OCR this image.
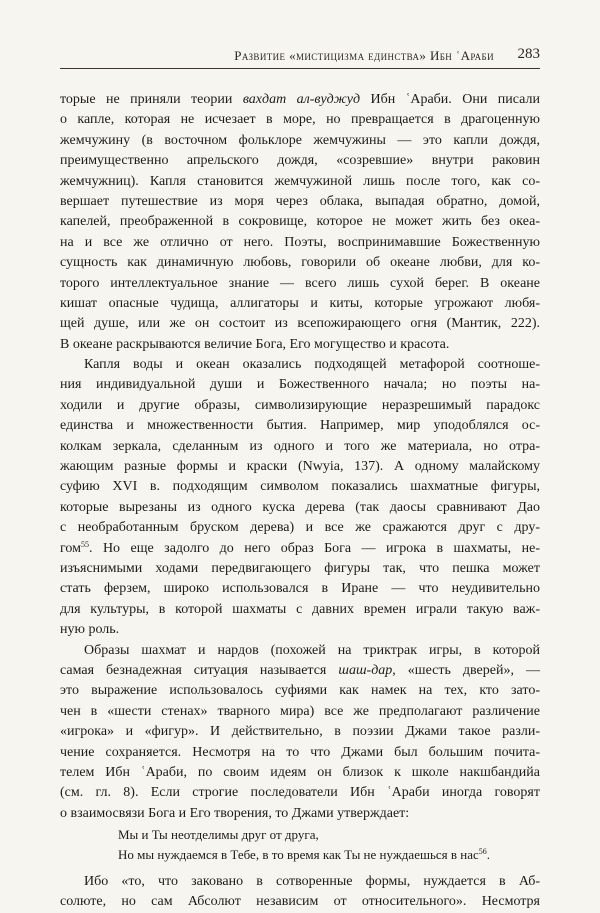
Развитие «мистицизма единства» Ибн ʿАраби 283
торые не приняли теории вахдат ал-вуджуд Ибн ʿАраби. Они писали
о капле, которая не исчезает в море, но превращается в драгоценную
жемчужину (в восточном фольклоре жемчужины — это капли дождя,
преимущественно апрельского дождя, «созревшие» внутри раковин
жемчужниц). Капля становится жемчужиной лишь после того, как со-
вершает путешествие из моря через облака, выпадая обратно, домой,
капелей, преображенной в сокровище, которое не может жить без океа-
на и все же отлично от него. Поэты, воспринимавшие Божественную
сущность как динамичную любовь, говорили об океане любви, для ко-
торого интеллектуальное знание — всего лишь сухой берег. В океане
кишат опасные чудища, аллигаторы и киты, которые угрожают любя-
щей душе, или же он состоит из всепожирающего огня (Мантик, 222).
В океане раскрываются величие Бога, Его могущество и красота.
Капля воды и океан оказались подходящей метафорой соотноше-
ния индивидуальной души и Божественного начала; но поэты на-
ходили и другие образы, символизирующие неразрешимый парадокс
единства и множественности бытия. Например, мир уподоблялся ос-
колкам зеркала, сделанным из одного и того же материала, но отра-
жающим разные формы и краски (Nwyia, 137). А одному малайскому
суфию XVI в. подходящим символом показались шахматные фигуры,
которые вырезаны из одного куска дерева (так даосы сравнивают Дао
с необработанным бруском дерева) и все же сражаются друг с дру-
гом$^{55}$. Но еще задолго до него образ Бога — игрока в шахматы, не-
изъяснимыми ходами передвигающего фигуры так, что пешка может
стать ферзем, широко использовался в Иране — что неудивительно
для культуры, в которой шахматы с давних времен играли такую важ-
ную роль.
Образы шахмат и нардов (похожей на триктрак игры, в которой
самая безнадежная ситуация называется шаш-дар, «шесть дверей», —
это выражение использовалось суфиями как намек на тех, кто зато-
чен в «шести стенах» тварного мира) все же предполагают различение
«игрока» и «фигур». И действительно, в поэзии Джами такое разли-
чение сохраняется. Несмотря на то что Джами был большим почита-
телем Ибн ʿАраби, по своим идеям он близок к школе накшбандийа
(см. гл. 8). Если строгие последователи Ибн ʿАраби иногда говорят
о взаимосвязи Бога и Его творения, то Джами утверждает:
Мы и Ты неотделимы друг от друга,
Но мы нуждаемся в Тебе, в то время как Ты не нуждаешься в нас$^{56}$.
Ибо «то, что заковано в сотворенные формы, нуждается в Аб-
солюте, но сам Абсолют независим от относительного». Несмотря
